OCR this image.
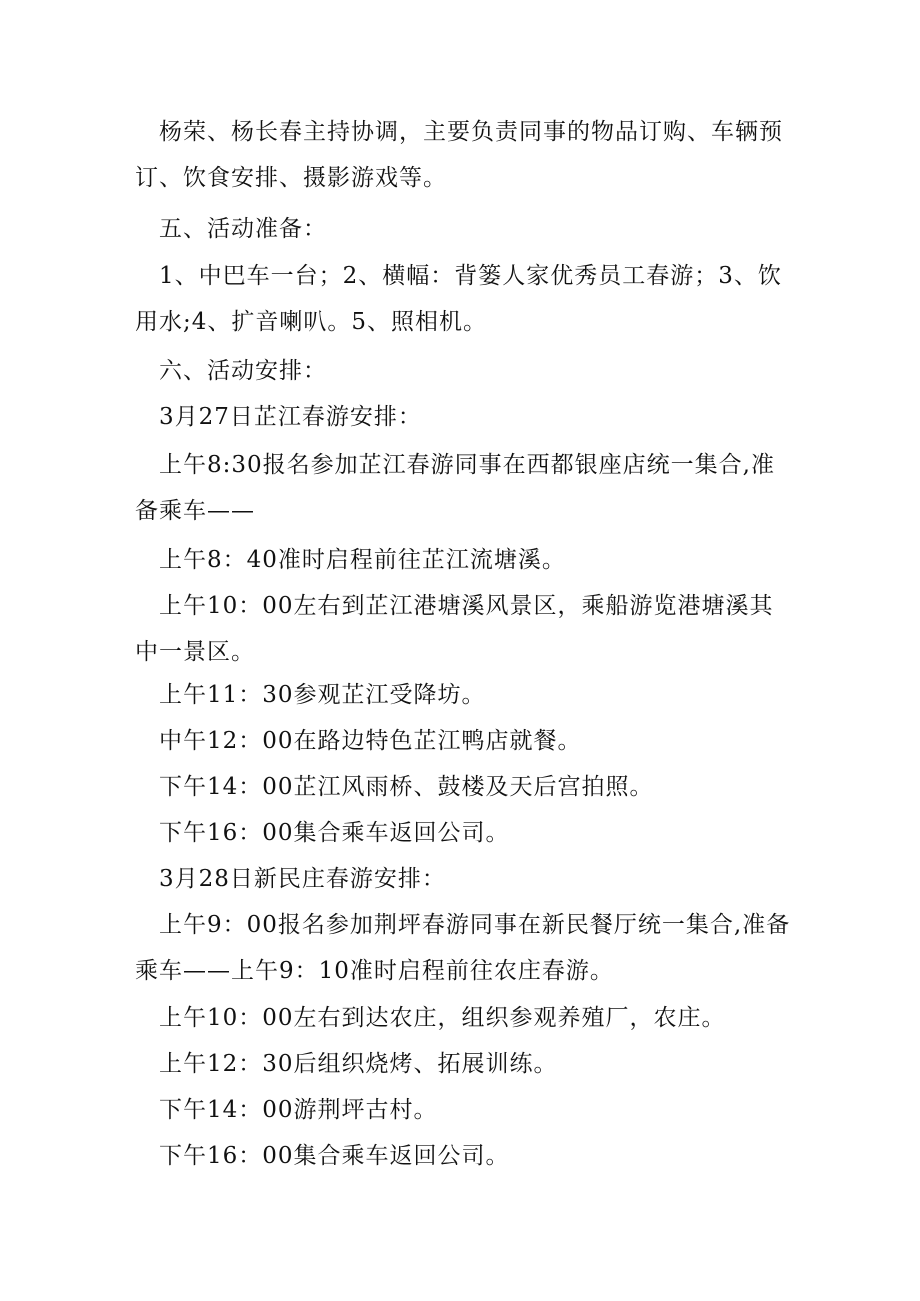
杨荣、杨长春主持协调，主要负责同事的物品订购、车辆预订、饮食安排、摄影游戏等。

五、活动准备：

1、中巴车一台；2、横幅：背篓人家优秀员工春游；3、饮用水;4、扩音喇叭。5、照相机。

六、活动安排：

3月27日芷江春游安排：

上午8:30报名参加芷江春游同事在西都银座店统一集合,准备乘车——

上午8：40准时启程前往芷江流塘溪。

上午10：00左右到芷江港塘溪风景区，乘船游览港塘溪其中一景区。

上午11：30参观芷江受降坊。

中午12：00在路边特色芷江鸭店就餐。

下午14：00芷江风雨桥、鼓楼及天后宫拍照。

下午16：00集合乘车返回公司。

3月28日新民庄春游安排：

上午9：00报名参加荆坪春游同事在新民餐厅统一集合,准备乘车——上午9：10准时启程前往农庄春游。

上午10：00左右到达农庄，组织参观养殖厂，农庄。

上午12：30后组织烧烤、拓展训练。

下午14：00游荆坪古村。

下午16：00集合乘车返回公司。
